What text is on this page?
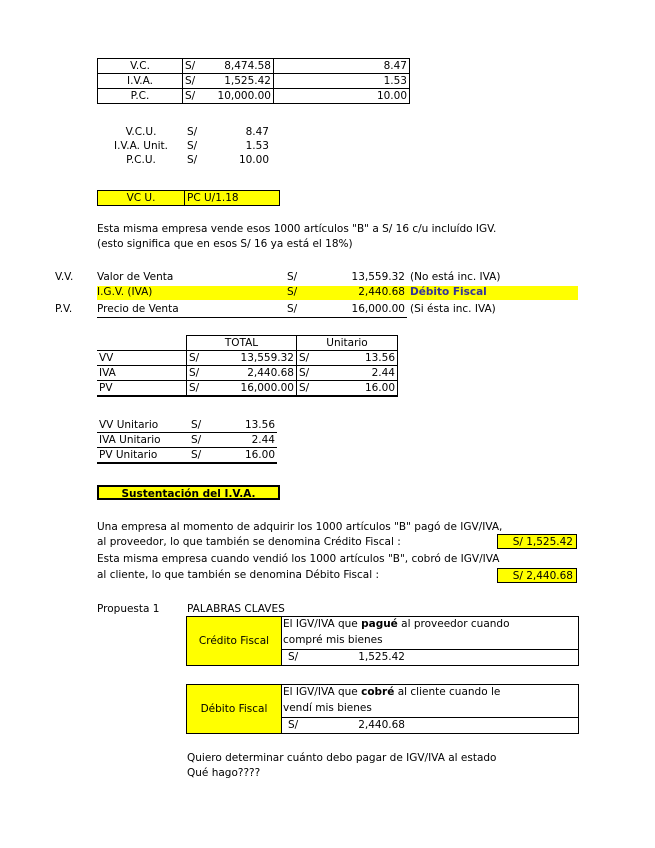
V.C.	S/	8,474.58	8.47
I.V.A.	S/	1,525.42	1.53
P.C.	S/	10,000.00	10.00
V.C.U.	S/	8.47
I.V.A. Unit.	S/	1.53
P.C.U.	S/	10.00
VC U.	PC U/1.18
Esta misma empresa vende esos 1000 artículos "B" a S/ 16 c/u incluído IGV.
(esto significa que en esos S/ 16 ya está el 18%)
V.V. Valor de Venta	S/	13,559.32 (No está inc. IVA)
I.G.V. (IVA)	S/	2,440.68 Débito Fiscal
P.V. Precio de Venta	S/	16,000.00 (Si ésta inc. IVA)
	TOTAL		Unitario	
VV	S/	13,559.32	S/	13.56
IVA	S/	2,440.68	S/	2.44
PV	S/	16,000.00	S/	16.00
VV Unitario	S/	13.56
IVA Unitario	S/	2.44
PV Unitario	S/	16.00
Sustentación del I.V.A.
Una empresa al momento de adquirir los 1000 artículos "B" pagó de IGV/IVA,
al proveedor, lo que también se denomina Crédito Fiscal :	S/ 1,525.42
Esta misma empresa cuando vendió los 1000 artículos "B", cobró de IGV/IVA
al cliente, lo que también se denomina Débito Fiscal :	S/ 2,440.68
Propuesta 1	PALABRAS CLAVES
Crédito Fiscal
El IGV/IVA que pagué al proveedor cuando
compré mis bienes
S/	1,525.42
Débito Fiscal
El IGV/IVA que cobré al cliente cuando le
vendí mis bienes
S/	2,440.68
Quiero determinar cuánto debo pagar de IGV/IVA al estado
Qué hago????
